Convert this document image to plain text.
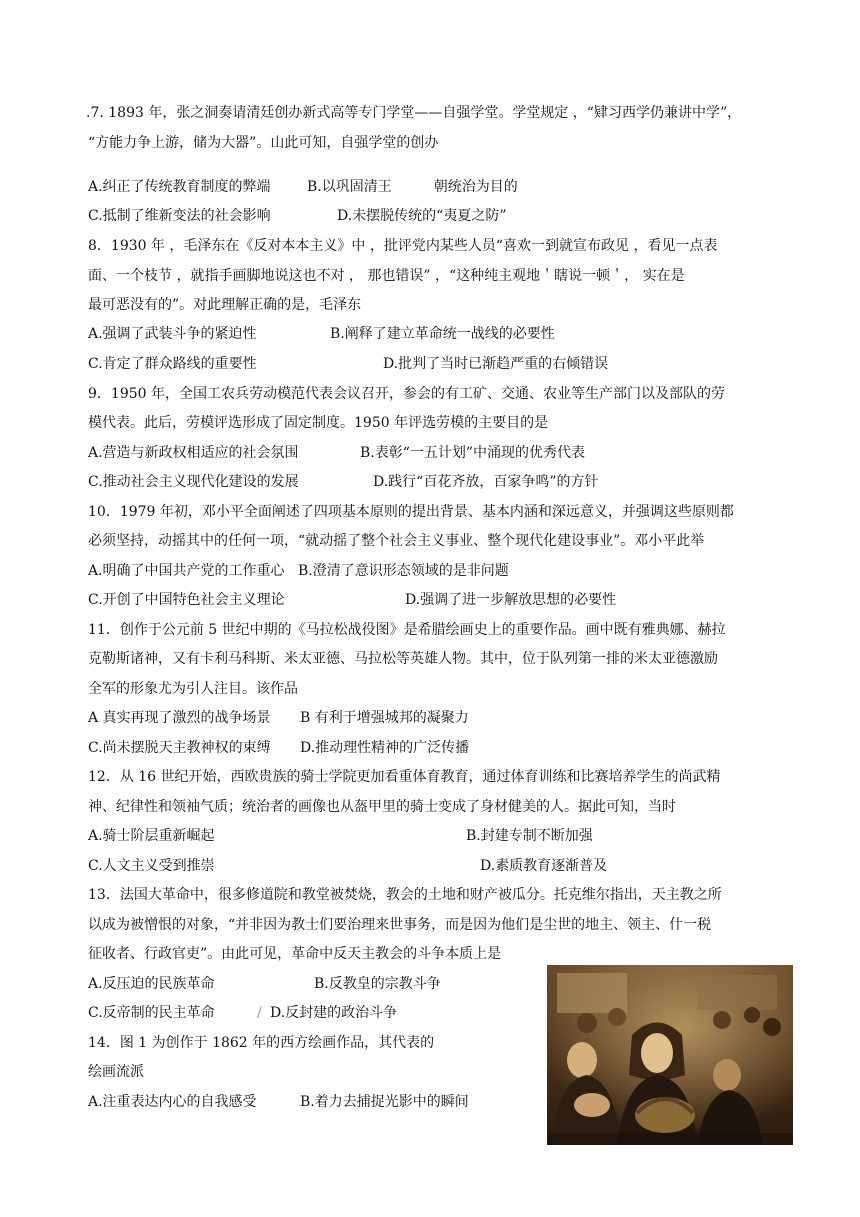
.7. 1893 年，张之洞奏请清廷创办新式高等专门学堂——自强学堂。学堂规定 ，“肄习西学仍兼讲中学”，
“方能力争上游，储为大器”。山此可知，自强学堂的创办
A.纠正了传统教育制度的弊端	B.以巩固清王　　　朝统治为目的
C.抵制了维新变法的社会影响	D.未摆脱传统的“夷夏之防”
8．1930 年 ，毛泽东在《反对本本主义》中 ，批评党内某些人员“喜欢一到就宣布政见 ，看见一点表
面、一个枝节 ，就指手画脚地说这也不对 ， 那也错误” ，“这种纯主观地＇瞎说一顿＇， 实在是
最可恶没有的”。对此理解正确的是，毛泽东
A.强调了武装斗争的紧迫性	B.阐释了建立革命统一战线的必要性
C.肯定了群众路线的重要性	D.批判了当时已渐趋严重的右倾错误
9．1950 年，全国工农兵劳动模范代表会议召开，参会的有工矿、交通、农业等生产部门以及部队的劳
模代表。此后，劳模评选形成了固定制度。1950 年评选劳模的主要目的是
A.营造与新政权相适应的社会氛围	B.表彰“一五计划”中涌现的优秀代表
C.推动社会主义现代化建设的发展	D.践行“百花齐放，百家争鸣”的方针
10．1979 年初，邓小平全面阐述了四项基本原则的提出背景、基本内涵和深远意义，并强调这些原则都
必须坚持，动摇其中的任何一项，“就动摇了整个社会主义事业、整个现代化建设事业”。邓小平此举
A.明确了中国共产党的工作重心 B.澄清了意识形态领域的是非问题
C.开创了中国特色社会主义理论	D.强调了进一步解放思想的必要性
11．创作于公元前 5 世纪中期的《马拉松战役图》是希腊绘画史上的重要作品。画中既有雅典娜、赫拉
克勒斯诸神，又有卡利马科斯、米太亚德、马拉松等英雄人物。其中，位于队列第一排的米太亚德激励
全军的形象尤为引人注目。该作品
A 真实再现了激烈的战争场景 B 有利于增强城邦的凝聚力
C.尚未摆脱天主教神权的束缚 D.推动理性精神的广泛传播
12．从 16 世纪开始，西欧贵族的骑士学院更加看重体育教育，通过体育训练和比赛培养学生的尚武精
神、纪律性和领袖气质；统治者的画像也从盔甲里的骑士变成了身材健美的人。据此可知，当时
A.骑士阶层重新崛起	B.封建专制不断加强
C.人文主义受到推崇	D.素质教育逐渐普及
13．法国大革命中，很多修道院和教堂被焚烧，教会的土地和财产被瓜分。托克维尔指出，天主教之所
以成为被憎恨的对象，“并非因为教士们要治理来世事务，而是因为他们是尘世的地主、领主、什一税
征收者、行政官吏”。由此可见，革命中反天主教会的斗争本质上是
A.反压迫的民族革命	B.反教皇的宗教斗争
C.反帝制的民主革命	/ D.反封建的政治斗争
14．图 1 为创作于 1862 年的西方绘画作品，其代表的
绘画流派
A.注重表达内心的自我感受	B.着力去捕捉光影中的瞬间
